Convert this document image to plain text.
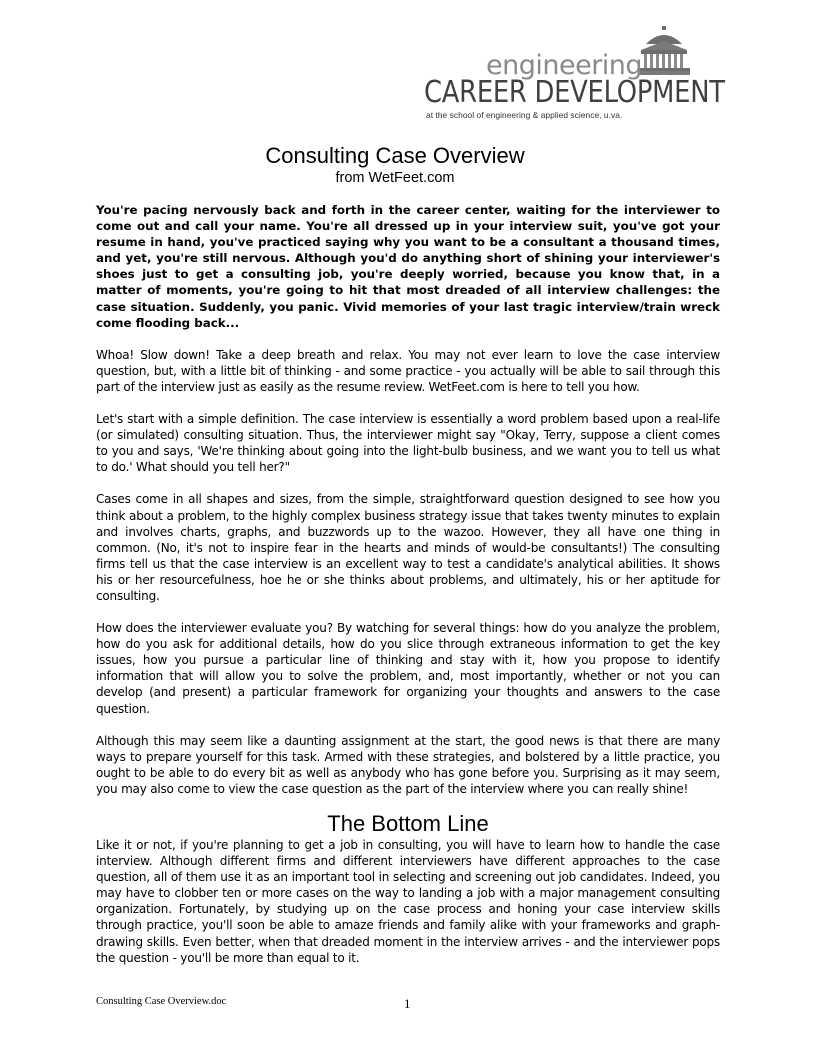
engineering
CAREER DEVELOPMENT
at the school of engineering & applied science, u.va.
Consulting Case Overview
from WetFeet.com

You're pacing nervously back and forth in the career center, waiting for the interviewer to come out and call your name. You're all dressed up in your interview suit, you've got your resume in hand, you've practiced saying why you want to be a consultant a thousand times, and yet, you're still nervous. Although you'd do anything short of shining your interviewer's shoes just to get a consulting job, you're deeply worried, because you know that, in a matter of moments, you're going to hit that most dreaded of all interview challenges: the case situation. Suddenly, you panic. Vivid memories of your last tragic interview/train wreck come flooding back...

Whoa! Slow down! Take a deep breath and relax. You may not ever learn to love the case interview question, but, with a little bit of thinking - and some practice - you actually will be able to sail through this part of the interview just as easily as the resume review. WetFeet.com is here to tell you how.

Let's start with a simple definition. The case interview is essentially a word problem based upon a real-life (or simulated) consulting situation. Thus, the interviewer might say "Okay, Terry, suppose a client comes to you and says, 'We're thinking about going into the light-bulb business, and we want you to tell us what to do.' What should you tell her?"

Cases come in all shapes and sizes, from the simple, straightforward question designed to see how you think about a problem, to the highly complex business strategy issue that takes twenty minutes to explain and involves charts, graphs, and buzzwords up to the wazoo. However, they all have one thing in common. (No, it's not to inspire fear in the hearts and minds of would-be consultants!) The consulting firms tell us that the case interview is an excellent way to test a candidate's analytical abilities. It shows his or her resourcefulness, hoe he or she thinks about problems, and ultimately, his or her aptitude for consulting.

How does the interviewer evaluate you? By watching for several things: how do you analyze the problem, how do you ask for additional details, how do you slice through extraneous information to get the key issues, how you pursue a particular line of thinking and stay with it, how you propose to identify information that will allow you to solve the problem, and, most importantly, whether or not you can develop (and present) a particular framework for organizing your thoughts and answers to the case question.

Although this may seem like a daunting assignment at the start, the good news is that there are many ways to prepare yourself for this task. Armed with these strategies, and bolstered by a little practice, you ought to be able to do every bit as well as anybody who has gone before you. Surprising as it may seem, you may also come to view the case question as the part of the interview where you can really shine!

The Bottom Line

Like it or not, if you're planning to get a job in consulting, you will have to learn how to handle the case interview. Although different firms and different interviewers have different approaches to the case question, all of them use it as an important tool in selecting and screening out job candidates. Indeed, you may have to clobber ten or more cases on the way to landing a job with a major management consulting organization. Fortunately, by studying up on the case process and honing your case interview skills through practice, you'll soon be able to amaze friends and family alike with your frameworks and graph-drawing skills. Even better, when that dreaded moment in the interview arrives - and the interviewer pops the question - you'll be more than equal to it.

Consulting Case Overview.doc	1
